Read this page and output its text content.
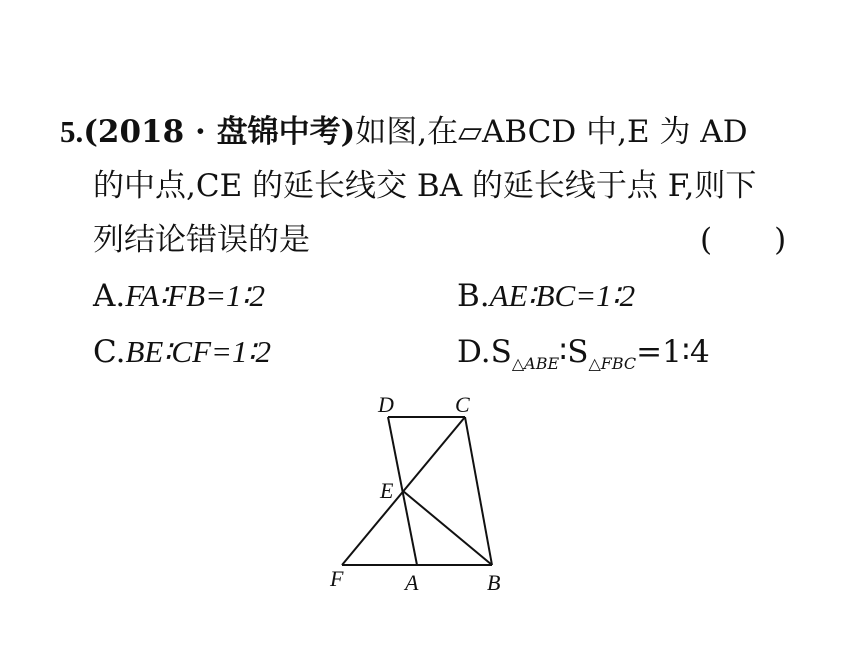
5.(2018 · 盘锦中考)如图,在▱ABCD 中,E 为 AD
的中点,CE 的延长线交 BA 的延长线于点 F,则下
列结论错误的是	(　　)
A.FA∶FB=1∶2	B.AE∶BC=1∶2
C.BE∶CF=1∶2	$D.S_{\triangle ABE}∶S_{\triangle FBC}=1∶4$
D	C
E
F	A	B
